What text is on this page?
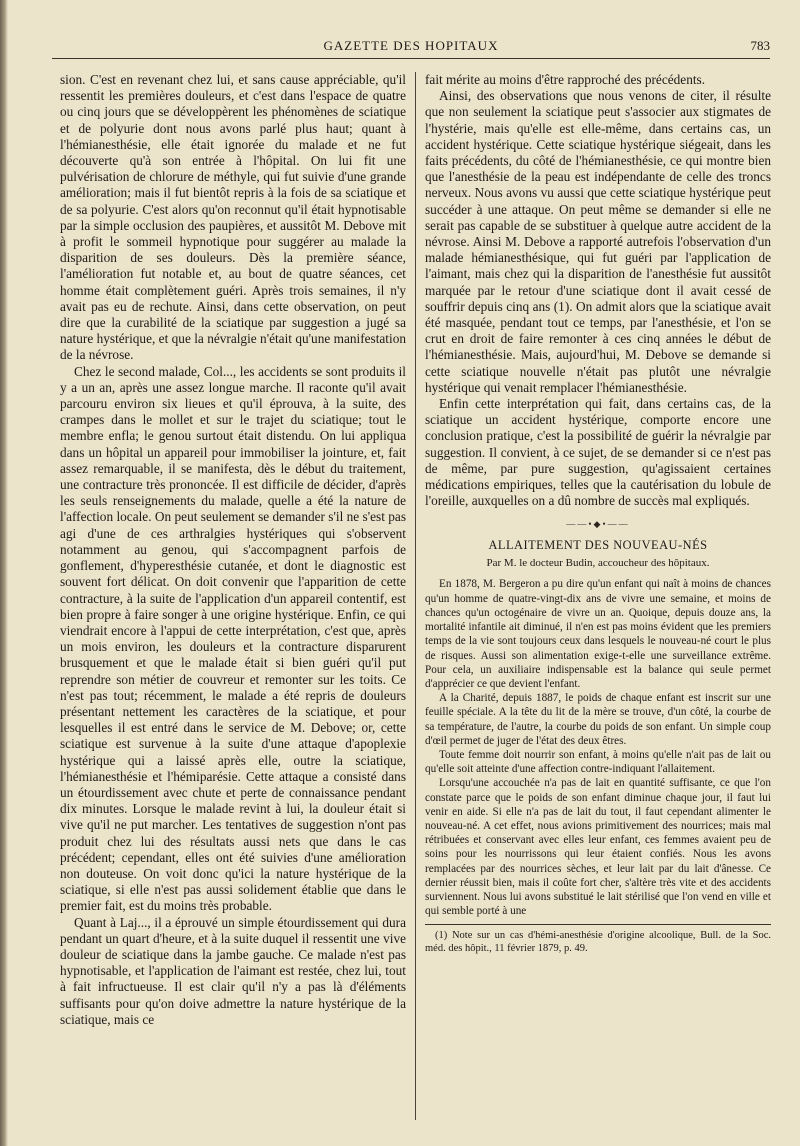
GAZETTE DES HOPITAUX	783

sion. C'est en revenant chez lui, et sans cause appréciable, qu'il ressentit les premières douleurs, et c'est dans l'espace de quatre ou cinq jours que se développèrent les phénomènes de sciatique et de polyurie dont nous avons parlé plus haut; quant à l'hémianesthésie, elle était ignorée du malade et ne fut découverte qu'à son entrée à l'hôpital. On lui fit une pulvérisation de chlorure de méthyle, qui fut suivie d'une grande amélioration; mais il fut bientôt repris à la fois de sa sciatique et de sa polyurie. C'est alors qu'on reconnut qu'il était hypnotisable par la simple occlusion des paupières, et aussitôt M. Debove mit à profit le sommeil hypnotique pour suggérer au malade la disparition de ses douleurs. Dès la première séance, l'amélioration fut notable et, au bout de quatre séances, cet homme était complètement guéri. Après trois semaines, il n'y avait pas eu de rechute. Ainsi, dans cette observation, on peut dire que la curabilité de la sciatique par suggestion a jugé sa nature hystérique, et que la névralgie n'était qu'une manifestation de la névrose.

Chez le second malade, Col..., les accidents se sont produits il y a un an, après une assez longue marche. Il raconte qu'il avait parcouru environ six lieues et qu'il éprouva, à la suite, des crampes dans le mollet et sur le trajet du sciatique; tout le membre enfla; le genou surtout était distendu. On lui appliqua dans un hôpital un appareil pour immobiliser la jointure, et, fait assez remarquable, il se manifesta, dès le début du traitement, une contracture très prononcée. Il est difficile de décider, d'après les seuls renseignements du malade, quelle a été la nature de l'affection locale. On peut seulement se demander s'il ne s'est pas agi d'une de ces arthralgies hystériques qui s'observent notamment au genou, qui s'accompagnent parfois de gonflement, d'hyperesthésie cutanée, et dont le diagnostic est souvent fort délicat. On doit convenir que l'apparition de cette contracture, à la suite de l'application d'un appareil contentif, est bien propre à faire songer à une origine hystérique. Enfin, ce qui viendrait encore à l'appui de cette interprétation, c'est que, après un mois environ, les douleurs et la contracture disparurent brusquement et que le malade était si bien guéri qu'il put reprendre son métier de couvreur et remonter sur les toits. Ce n'est pas tout; récemment, le malade a été repris de douleurs présentant nettement les caractères de la sciatique, et pour lesquelles il est entré dans le service de M. Debove; or, cette sciatique est survenue à la suite d'une attaque d'apoplexie hystérique qui a laissé après elle, outre la sciatique, l'hémianesthésie et l'hémiparésie. Cette attaque a consisté dans un étourdissement avec chute et perte de connaissance pendant dix minutes. Lorsque le malade revint à lui, la douleur était si vive qu'il ne put marcher. Les tentatives de suggestion n'ont pas produit chez lui des résultats aussi nets que dans le cas précédent; cependant, elles ont été suivies d'une amélioration non douteuse. On voit donc qu'ici la nature hystérique de la sciatique, si elle n'est pas aussi solidement établie que dans le premier fait, est du moins très probable.

Quant à Laj..., il a éprouvé un simple étourdissement qui dura pendant un quart d'heure, et à la suite duquel il ressentit une vive douleur de sciatique dans la jambe gauche. Ce malade n'est pas hypnotisable, et l'application de l'aimant est restée, chez lui, tout à fait infructueuse. Il est clair qu'il n'y a pas là d'éléments suffisants pour qu'on doive admettre la nature hystérique de la sciatique, mais ce

fait mérite au moins d'être rapproché des précédents.

Ainsi, des observations que nous venons de citer, il résulte que non seulement la sciatique peut s'associer aux stigmates de l'hystérie, mais qu'elle est elle-même, dans certains cas, un accident hystérique. Cette sciatique hystérique siégeait, dans les faits précédents, du côté de l'hémianesthésie, ce qui montre bien que l'anesthésie de la peau est indépendante de celle des troncs nerveux. Nous avons vu aussi que cette sciatique hystérique peut succéder à une attaque. On peut même se demander si elle ne serait pas capable de se substituer à quelque autre accident de la névrose. Ainsi M. Debove a rapporté autrefois l'observation d'un malade hémianesthésique, qui fut guéri par l'application de l'aimant, mais chez qui la disparition de l'anesthésie fut aussitôt marquée par le retour d'une sciatique dont il avait cessé de souffrir depuis cinq ans (1). On admit alors que la sciatique avait été masquée, pendant tout ce temps, par l'anesthésie, et l'on se crut en droit de faire remonter à ces cinq années le début de l'hémianesthésie. Mais, aujourd'hui, M. Debove se demande si cette sciatique nouvelle n'était pas plutôt une névralgie hystérique qui venait remplacer l'hémianesthésie.

Enfin cette interprétation qui fait, dans certains cas, de la sciatique un accident hystérique, comporte encore une conclusion pratique, c'est la possibilité de guérir la névralgie par suggestion. Il convient, à ce sujet, de se demander si ce n'est pas de même, par pure suggestion, qu'agissaient certaines médications empiriques, telles que la cautérisation du lobule de l'oreille, auxquelles on a dû nombre de succès mal expliqués.

——•◆•——
ALLAITEMENT DES NOUVEAU-NÉS
Par M. le docteur Budin, accoucheur des hôpitaux.

En 1878, M. Bergeron a pu dire qu'un enfant qui naît à moins de chances qu'un homme de quatre-vingt-dix ans de vivre une semaine, et moins de chances qu'un octogénaire de vivre un an. Quoique, depuis douze ans, la mortalité infantile ait diminué, il n'en est pas moins évident que les premiers temps de la vie sont toujours ceux dans lesquels le nouveau-né court le plus de risques. Aussi son alimentation exige-t-elle une surveillance extrême. Pour cela, un auxiliaire indispensable est la balance qui seule permet d'apprécier ce que devient l'enfant.

A la Charité, depuis 1887, le poids de chaque enfant est inscrit sur une feuille spéciale. A la tête du lit de la mère se trouve, d'un côté, la courbe de sa température, de l'autre, la courbe du poids de son enfant. Un simple coup d'œil permet de juger de l'état des deux êtres.

Toute femme doit nourrir son enfant, à moins qu'elle n'ait pas de lait ou qu'elle soit atteinte d'une affection contre-indiquant l'allaitement.

Lorsqu'une accouchée n'a pas de lait en quantité suffisante, ce que l'on constate parce que le poids de son enfant diminue chaque jour, il faut lui venir en aide. Si elle n'a pas de lait du tout, il faut cependant alimenter le nouveau-né. A cet effet, nous avions primitivement des nourrices; mais mal rétribuées et conservant avec elles leur enfant, ces femmes avaient peu de soins pour les nourrissons qui leur étaient confiés. Nous les avons remplacées par des nourrices sèches, et leur lait par du lait d'ânesse. Ce dernier réussit bien, mais il coûte fort cher, s'altère très vite et des accidents surviennent. Nous lui avons substitué le lait stérilisé que l'on vend en ville et qui semble porté à une

(1) Note sur un cas d'hémi-anesthésie d'origine alcoolique, Bull. de la Soc. méd. des hôpit., 11 février 1879, p. 49.
